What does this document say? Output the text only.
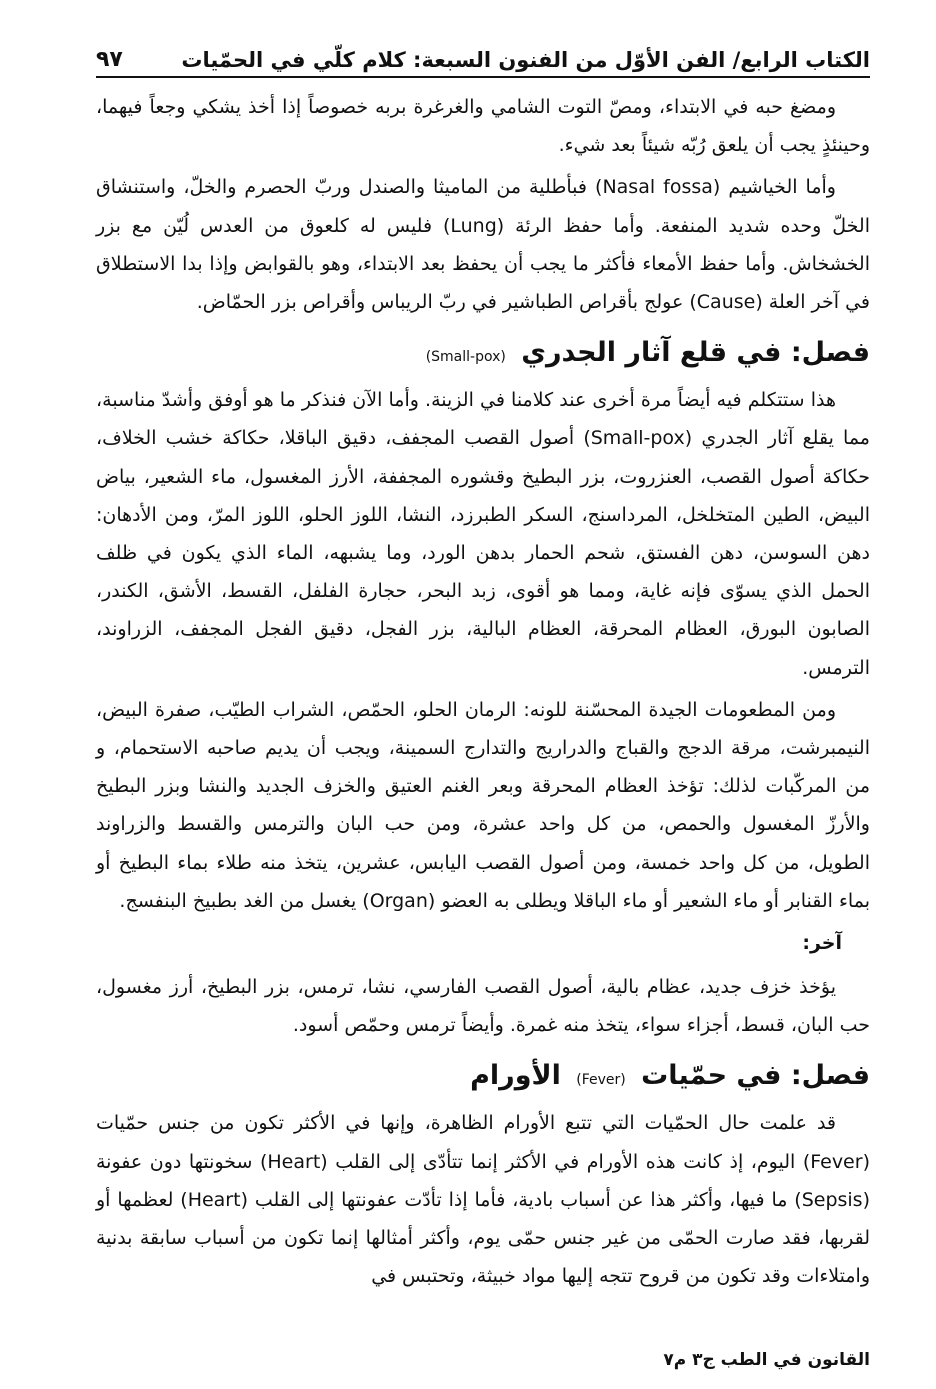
الكتاب الرابع/ الفن الأوّل من الفنون السبعة: كلام كلّي في الحمّيات
٩٧

ومضغ حبه في الابتداء، ومصّ التوت الشامي والغرغرة بربه خصوصاً إذا أخذ يشكي وجعاً فيهما، وحينئذٍ يجب أن يلعق رُبّه شيئاً بعد شيء.

وأما الخياشيم (Nasal fossa) فبأطلية من الماميثا والصندل وربّ الحصرم والخلّ، واستنشاق الخلّ وحده شديد المنفعة. وأما حفظ الرئة (Lung) فليس له كلعوق من العدس لُيّن مع بزر الخشخاش. وأما حفظ الأمعاء فأكثر ما يجب أن يحفظ بعد الابتداء، وهو بالقوابض وإذا بدا الاستطلاق في آخر العلة (Cause) عولج بأقراص الطباشير في ربّ الريباس وأقراص بزر الحمّاض.

فصل: في قلع آثار الجدري (Small-pox)

هذا ستتكلم فيه أيضاً مرة أخرى عند كلامنا في الزينة. وأما الآن فنذكر ما هو أوفق وأشدّ مناسبة، مما يقلع آثار الجدري (Small-pox) أصول القصب المجفف، دقيق الباقلا، حكاكة خشب الخلاف، حكاكة أصول القصب، العنزروت، بزر البطيخ وقشوره المجففة، الأرز المغسول، ماء الشعير، بياض البيض، الطين المتخلخل، المرداسنج، السكر الطبرزد، النشا، اللوز الحلو، اللوز المرّ، ومن الأدهان: دهن السوسن، دهن الفستق، شحم الحمار بدهن الورد، وما يشبهه، الماء الذي يكون في ظلف الحمل الذي يسوّى فإنه غاية، ومما هو أقوى، زبد البحر، حجارة الفلفل، القسط، الأشق، الكندر، الصابون البورق، العظام المحرقة، العظام البالية، بزر الفجل، دقيق الفجل المجفف، الزراوند، الترمس.

ومن المطعومات الجيدة المحسّنة للونه: الرمان الحلو، الحمّص، الشراب الطيّب، صفرة البيض، النيمبرشت، مرقة الدجج والقباج والدراريج والتدارج السمينة، ويجب أن يديم صاحبه الاستحمام، و من المركّبات لذلك: تؤخذ العظام المحرقة وبعر الغنم العتيق والخزف الجديد والنشا وبزر البطيخ والأرزّ المغسول والحمص، من كل واحد عشرة، ومن حب البان والترمس والقسط والزراوند الطويل، من كل واحد خمسة، ومن أصول القصب اليابس، عشرين، يتخذ منه طلاء بماء البطيخ أو بماء القنابر أو ماء الشعير أو ماء الباقلا ويطلى به العضو (Organ) يغسل من الغد بطبيخ البنفسج.

آخر:

يؤخذ خزف جديد، عظام بالية، أصول القصب الفارسي، نشا، ترمس، بزر البطيخ، أرز مغسول، حب البان، قسط، أجزاء سواء، يتخذ منه غمرة. وأيضاً ترمس وحمّص أسود.

فصل: في حمّيات (Fever) الأورام

قد علمت حال الحمّيات التي تتبع الأورام الظاهرة، وإنها في الأكثر تكون من جنس حمّيات (Fever) اليوم، إذ كانت هذه الأورام في الأكثر إنما تتأدّى إلى القلب (Heart) سخونتها دون عفونة (Sepsis) ما فيها، وأكثر هذا عن أسباب بادية، فأما إذا تأدّت عفونتها إلى القلب (Heart) لعظمها أو لقربها، فقد صارت الحمّى من غير جنس حمّى يوم، وأكثر أمثالها إنما تكون من أسباب سابقة بدنية وامتلاءات وقد تكون من قروح تتجه إليها مواد خبيثة، وتحتبس في

القانون في الطب ج٣ م٧
